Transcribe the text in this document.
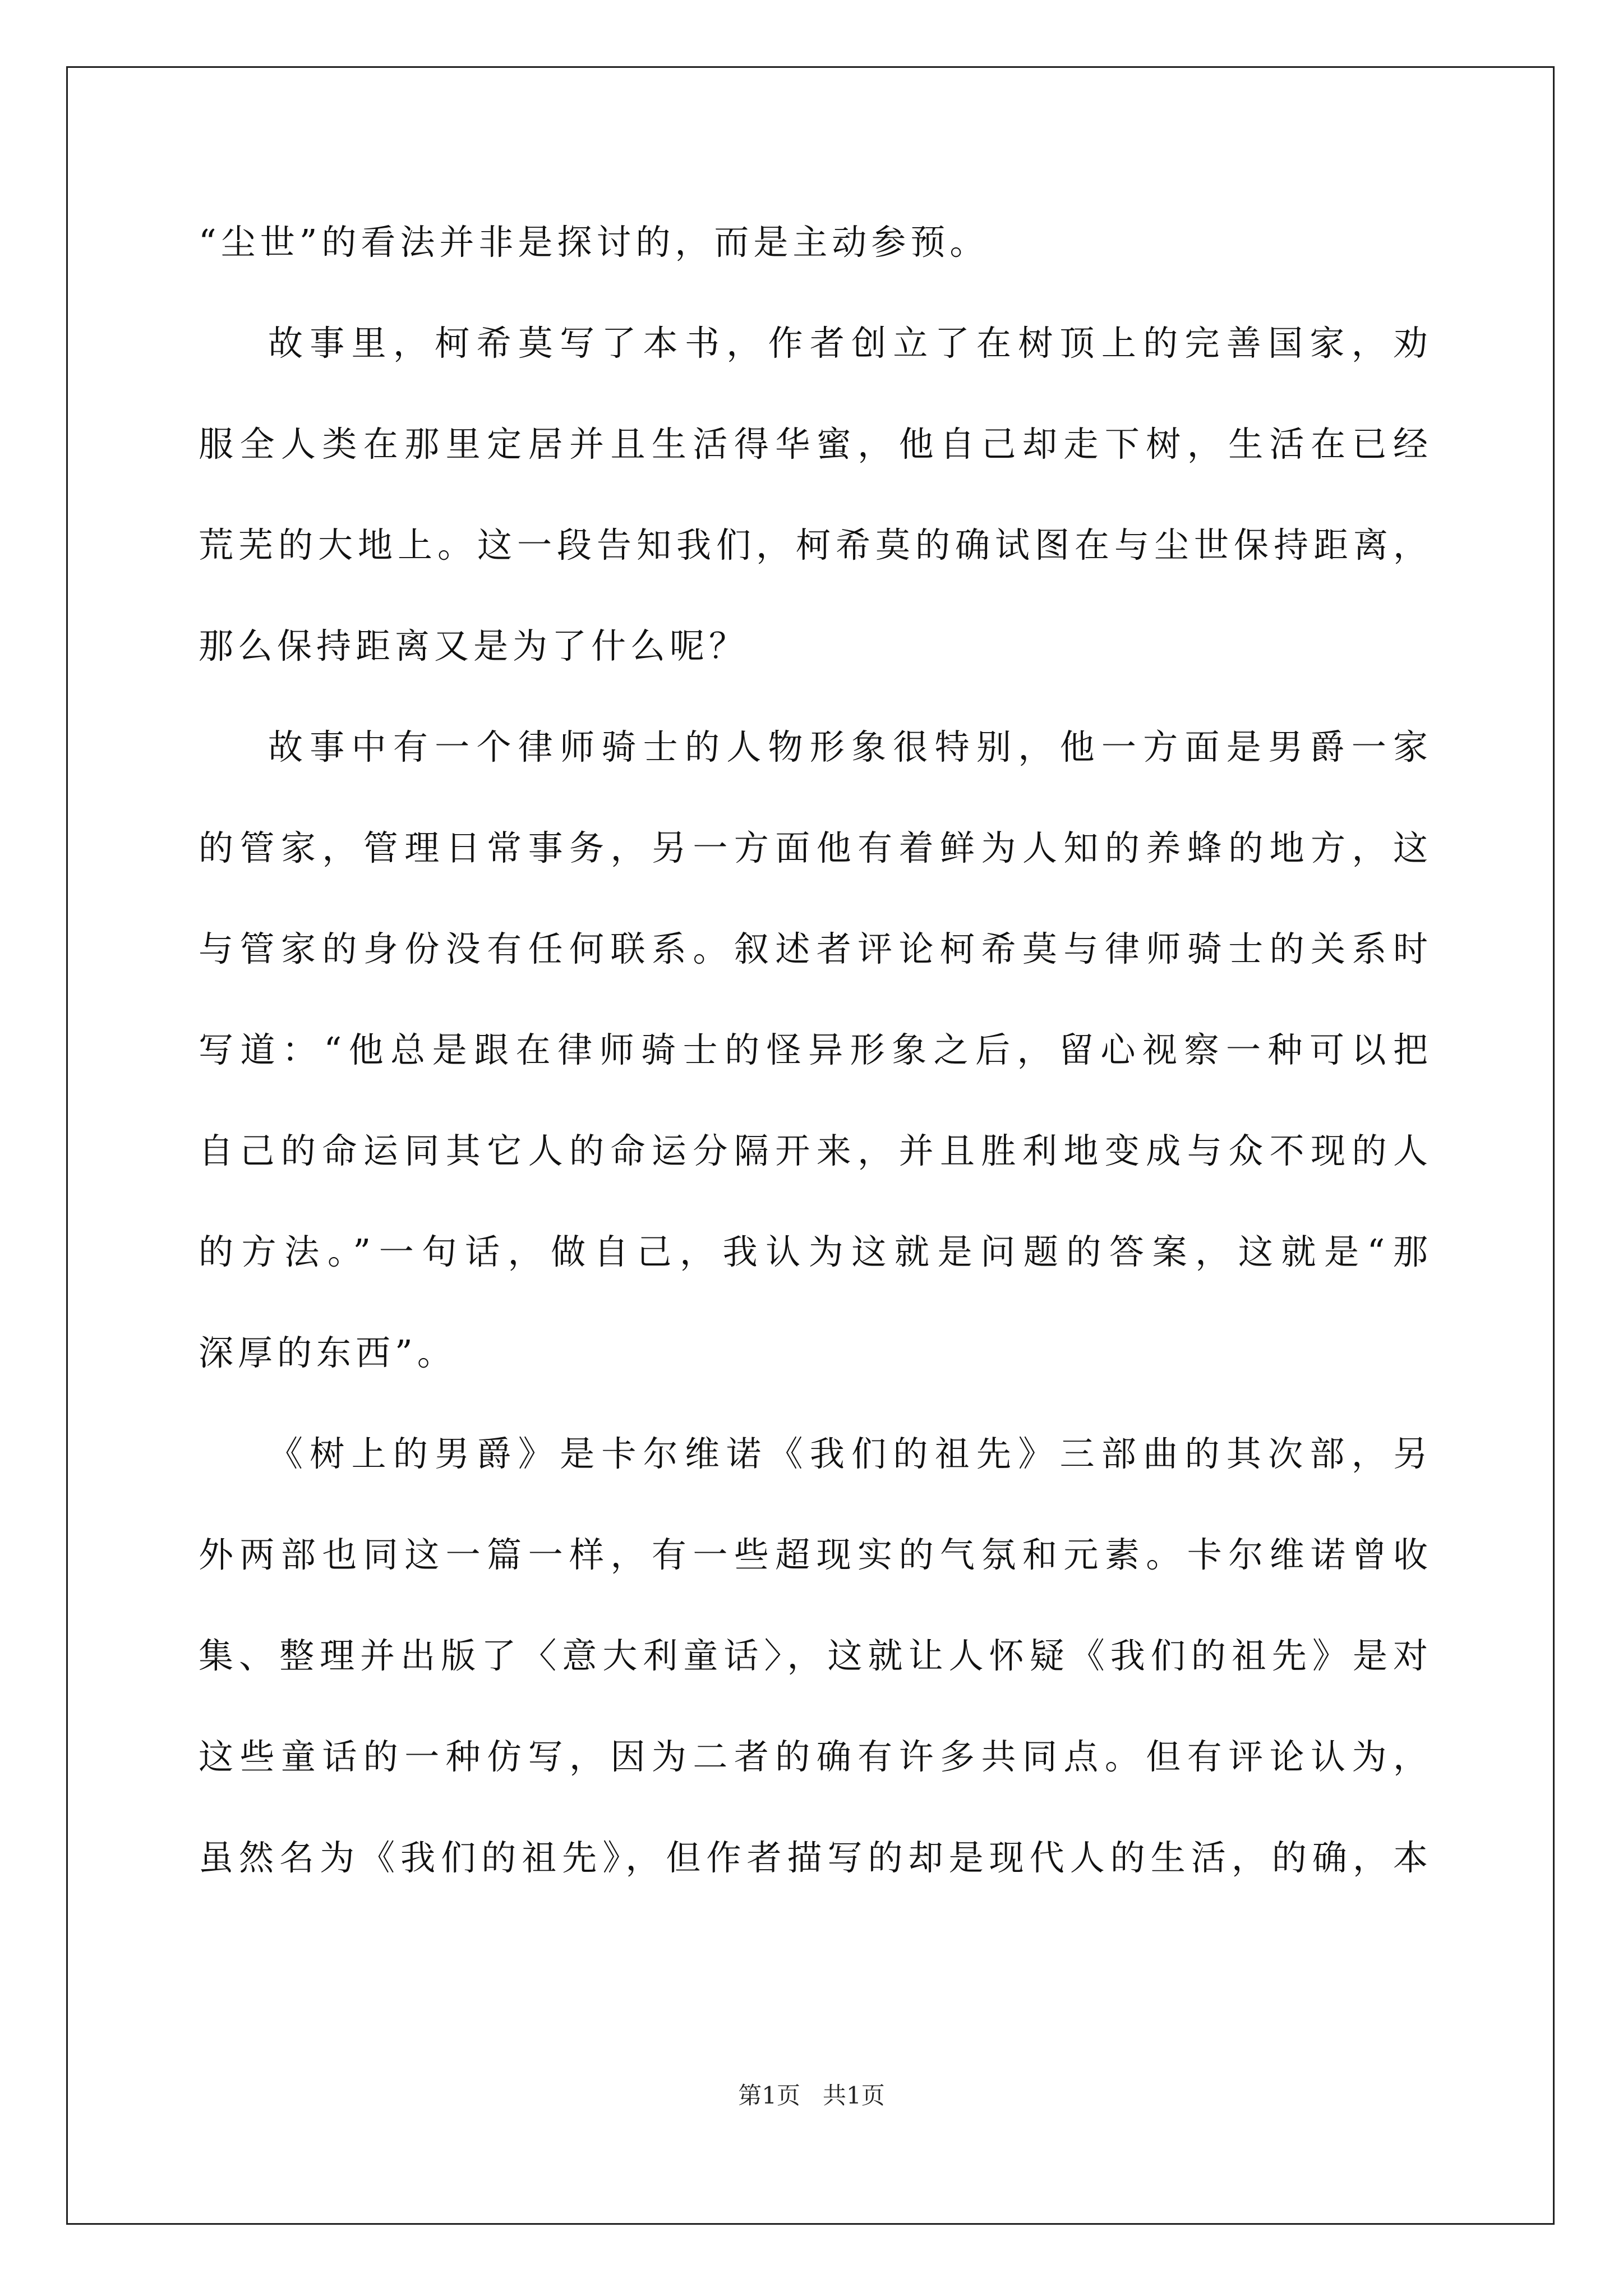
“尘世”的看法并非是探讨的，而是主动参预。
故事里，柯希莫写了本书，作者创立了在树顶上的完善国家，劝
服全人类在那里定居并且生活得华蜜，他自己却走下树，生活在已经
荒芜的大地上。这一段告知我们，柯希莫的确试图在与尘世保持距离，
那么保持距离又是为了什么呢？
故事中有一个律师骑士的人物形象很特别，他一方面是男爵一家
的管家，管理日常事务，另一方面他有着鲜为人知的养蜂的地方，这
与管家的身份没有任何联系。叙述者评论柯希莫与律师骑士的关系时
写道：“他总是跟在律师骑士的怪异形象之后，留心视察一种可以把
自己的命运同其它人的命运分隔开来，并且胜利地变成与众不现的人
的方法。”一句话，做自己，我认为这就是问题的答案，这就是“那
深厚的东西”。
《树上的男爵》是卡尔维诺《我们的祖先》三部曲的其次部，另
外两部也同这一篇一样，有一些超现实的气氛和元素。卡尔维诺曾收
集、整理并出版了〈意大利童话〉，这就让人怀疑《我们的祖先》是对
这些童话的一种仿写，因为二者的确有许多共同点。但有评论认为，
虽然名为《我们的祖先》，但作者描写的却是现代人的生活，的确，本
第1页 共1页
